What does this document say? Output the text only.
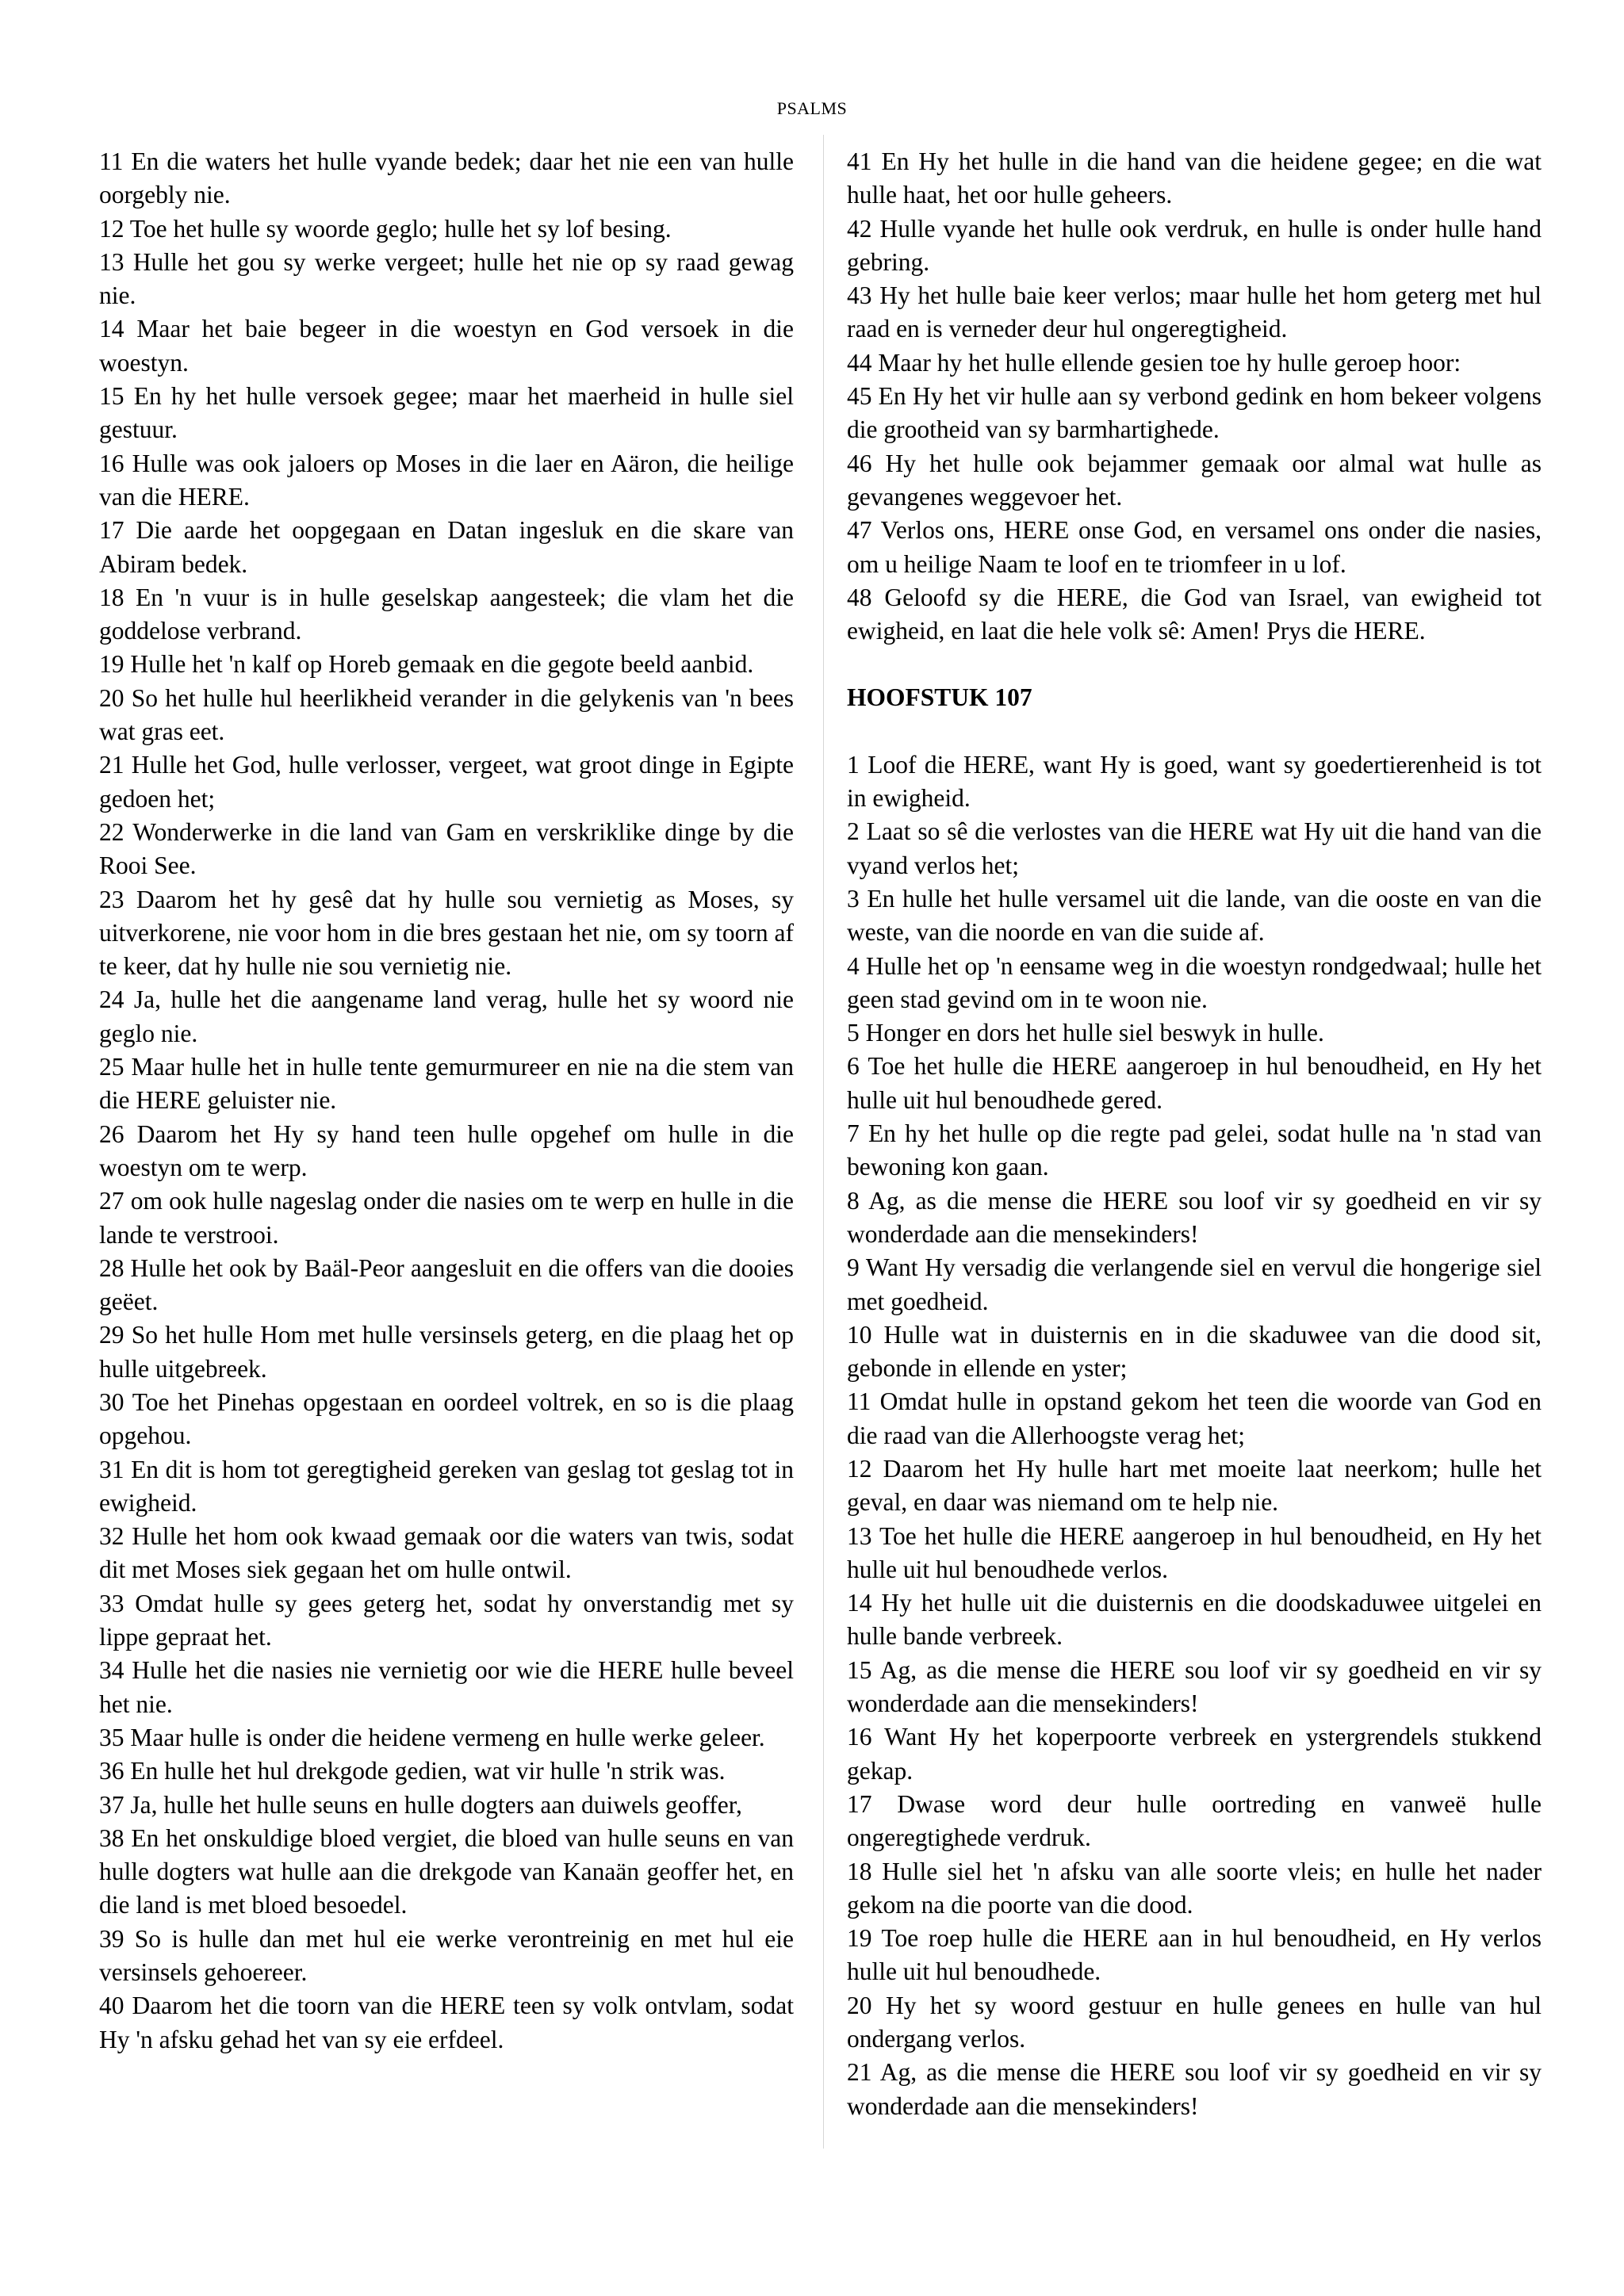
PSALMS

11 En die waters het hulle vyande bedek; daar het nie een van hulle oorgebly nie.

12 Toe het hulle sy woorde geglo; hulle het sy lof besing.

13 Hulle het gou sy werke vergeet; hulle het nie op sy raad gewag nie.

14 Maar het baie begeer in die woestyn en God versoek in die woestyn.

15 En hy het hulle versoek gegee; maar het maerheid in hulle siel gestuur.

16 Hulle was ook jaloers op Moses in die laer en Aäron, die heilige van die HERE.

17 Die aarde het oopgegaan en Datan ingesluk en die skare van Abiram bedek.

18 En 'n vuur is in hulle geselskap aangesteek; die vlam het die goddelose verbrand.

19 Hulle het 'n kalf op Horeb gemaak en die gegote beeld aanbid.

20 So het hulle hul heerlikheid verander in die gelykenis van 'n bees wat gras eet.

21 Hulle het God, hulle verlosser, vergeet, wat groot dinge in Egipte gedoen het;

22 Wonderwerke in die land van Gam en verskriklike dinge by die Rooi See.

23 Daarom het hy gesê dat hy hulle sou vernietig as Moses, sy uitverkorene, nie voor hom in die bres gestaan het nie, om sy toorn af te keer, dat hy hulle nie sou vernietig nie.

24 Ja, hulle het die aangename land verag, hulle het sy woord nie geglo nie.

25 Maar hulle het in hulle tente gemurmureer en nie na die stem van die HERE geluister nie.

26 Daarom het Hy sy hand teen hulle opgehef om hulle in die woestyn om te werp.

27 om ook hulle nageslag onder die nasies om te werp en hulle in die lande te verstrooi.

28 Hulle het ook by Baäl-Peor aangesluit en die offers van die dooies geëet.

29 So het hulle Hom met hulle versinsels geterg, en die plaag het op hulle uitgebreek.

30 Toe het Pinehas opgestaan en oordeel voltrek, en so is die plaag opgehou.

31 En dit is hom tot geregtigheid gereken van geslag tot geslag tot in ewigheid.

32 Hulle het hom ook kwaad gemaak oor die waters van twis, sodat dit met Moses siek gegaan het om hulle ontwil.

33 Omdat hulle sy gees geterg het, sodat hy onverstandig met sy lippe gepraat het.

34 Hulle het die nasies nie vernietig oor wie die HERE hulle beveel het nie.

35 Maar hulle is onder die heidene vermeng en hulle werke geleer.

36 En hulle het hul drekgode gedien, wat vir hulle 'n strik was.

37 Ja, hulle het hulle seuns en hulle dogters aan duiwels geoffer,

38 En het onskuldige bloed vergiet, die bloed van hulle seuns en van hulle dogters wat hulle aan die drekgode van Kanaän geoffer het, en die land is met bloed besoedel.

39 So is hulle dan met hul eie werke verontreinig en met hul eie versinsels gehoereer.

40 Daarom het die toorn van die HERE teen sy volk ontvlam, sodat Hy 'n afsku gehad het van sy eie erfdeel.

41 En Hy het hulle in die hand van die heidene gegee; en die wat hulle haat, het oor hulle geheers.

42 Hulle vyande het hulle ook verdruk, en hulle is onder hulle hand gebring.

43 Hy het hulle baie keer verlos; maar hulle het hom geterg met hul raad en is verneder deur hul ongeregtigheid.

44 Maar hy het hulle ellende gesien toe hy hulle geroep hoor:

45 En Hy het vir hulle aan sy verbond gedink en hom bekeer volgens die grootheid van sy barmhartighede.

46 Hy het hulle ook bejammer gemaak oor almal wat hulle as gevangenes weggevoer het.

47 Verlos ons, HERE onse God, en versamel ons onder die nasies, om u heilige Naam te loof en te triomfeer in u lof.

48 Geloofd sy die HERE, die God van Israel, van ewigheid tot ewigheid, en laat die hele volk sê: Amen! Prys die HERE.

HOOFSTUK 107

1 Loof die HERE, want Hy is goed, want sy goedertierenheid is tot in ewigheid.

2 Laat so sê die verlostes van die HERE wat Hy uit die hand van die vyand verlos het;

3 En hulle het hulle versamel uit die lande, van die ooste en van die weste, van die noorde en van die suide af.

4 Hulle het op 'n eensame weg in die woestyn rondgedwaal; hulle het geen stad gevind om in te woon nie.

5 Honger en dors het hulle siel beswyk in hulle.

6 Toe het hulle die HERE aangeroep in hul benoudheid, en Hy het hulle uit hul benoudhede gered.

7 En hy het hulle op die regte pad gelei, sodat hulle na 'n stad van bewoning kon gaan.

8 Ag, as die mense die HERE sou loof vir sy goedheid en vir sy wonderdade aan die mensekinders!

9 Want Hy versadig die verlangende siel en vervul die hongerige siel met goedheid.

10 Hulle wat in duisternis en in die skaduwee van die dood sit, gebonde in ellende en yster;

11 Omdat hulle in opstand gekom het teen die woorde van God en die raad van die Allerhoogste verag het;

12 Daarom het Hy hulle hart met moeite laat neerkom; hulle het geval, en daar was niemand om te help nie.

13 Toe het hulle die HERE aangeroep in hul benoudheid, en Hy het hulle uit hul benoudhede verlos.

14 Hy het hulle uit die duisternis en die doodskaduwee uitgelei en hulle bande verbreek.

15 Ag, as die mense die HERE sou loof vir sy goedheid en vir sy wonderdade aan die mensekinders!

16 Want Hy het koperpoorte verbreek en ystergrendels stukkend gekap.

17 Dwase word deur hulle oortreding en vanweë hulle ongeregtighede verdruk.

18 Hulle siel het 'n afsku van alle soorte vleis; en hulle het nader gekom na die poorte van die dood.

19 Toe roep hulle die HERE aan in hul benoudheid, en Hy verlos hulle uit hul benoudhede.

20 Hy het sy woord gestuur en hulle genees en hulle van hul ondergang verlos.

21 Ag, as die mense die HERE sou loof vir sy goedheid en vir sy wonderdade aan die mensekinders!
